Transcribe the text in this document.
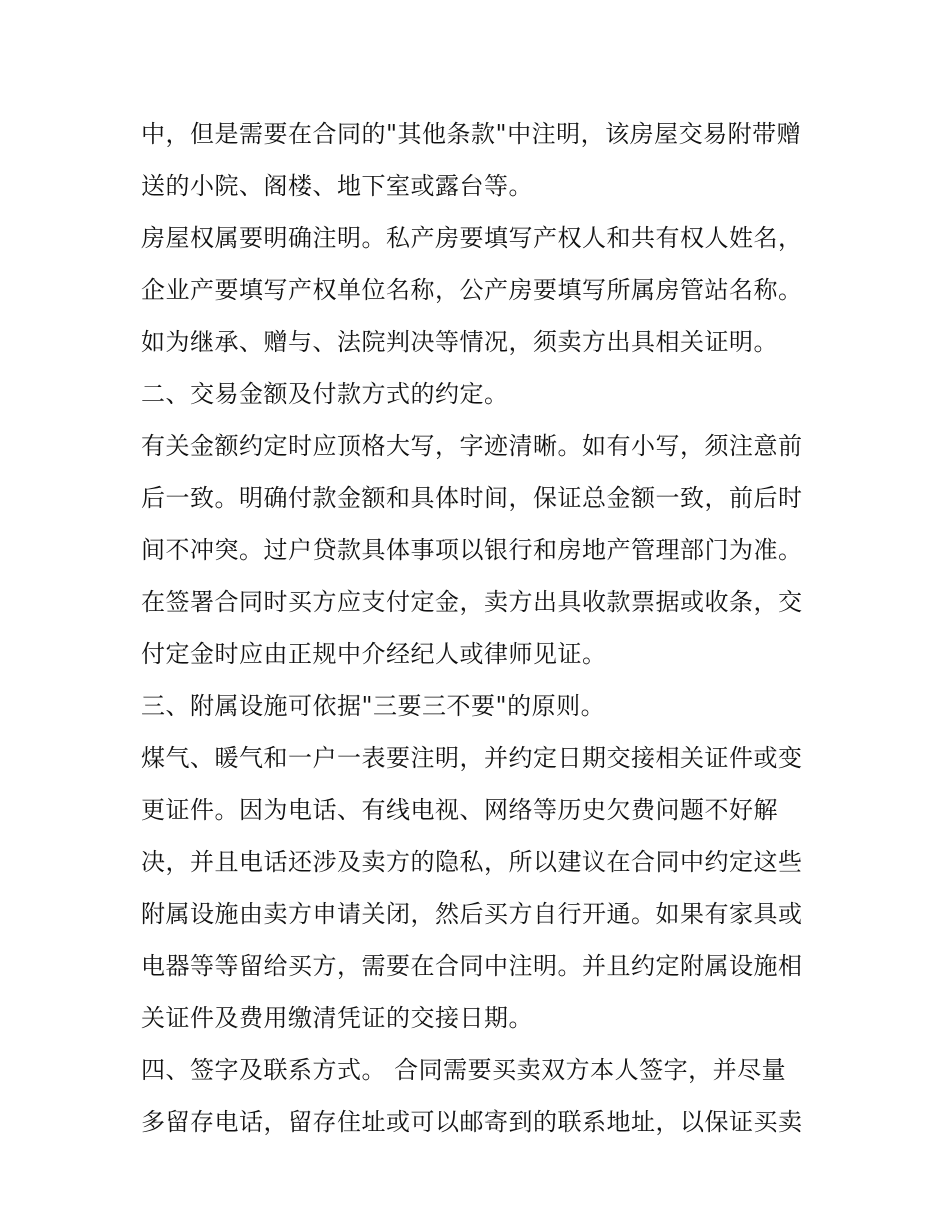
中，但是需要在合同的"其他条款"中注明，该房屋交易附带赠
送的小院、阁楼、地下室或露台等。
房屋权属要明确注明。私产房要填写产权人和共有权人姓名，
企业产要填写产权单位名称，公产房要填写所属房管站名称。
如为继承、赠与、法院判决等情况，须卖方出具相关证明。
二、交易金额及付款方式的约定。
有关金额约定时应顶格大写，字迹清晰。如有小写，须注意前
后一致。明确付款金额和具体时间，保证总金额一致，前后时
间不冲突。过户贷款具体事项以银行和房地产管理部门为准。
在签署合同时买方应支付定金，卖方出具收款票据或收条，交
付定金时应由正规中介经纪人或律师见证。
三、附属设施可依据"三要三不要"的原则。
煤气、暖气和一户一表要注明，并约定日期交接相关证件或变
更证件。因为电话、有线电视、网络等历史欠费问题不好解
决，并且电话还涉及卖方的隐私，所以建议在合同中约定这些
附属设施由卖方申请关闭，然后买方自行开通。如果有家具或
电器等等留给买方，需要在合同中注明。并且约定附属设施相
关证件及费用缴清凭证的交接日期。
四、签字及联系方式。 合同需要买卖双方本人签字，并尽量
多留存电话，留存住址或可以邮寄到的联系地址，以保证买卖
